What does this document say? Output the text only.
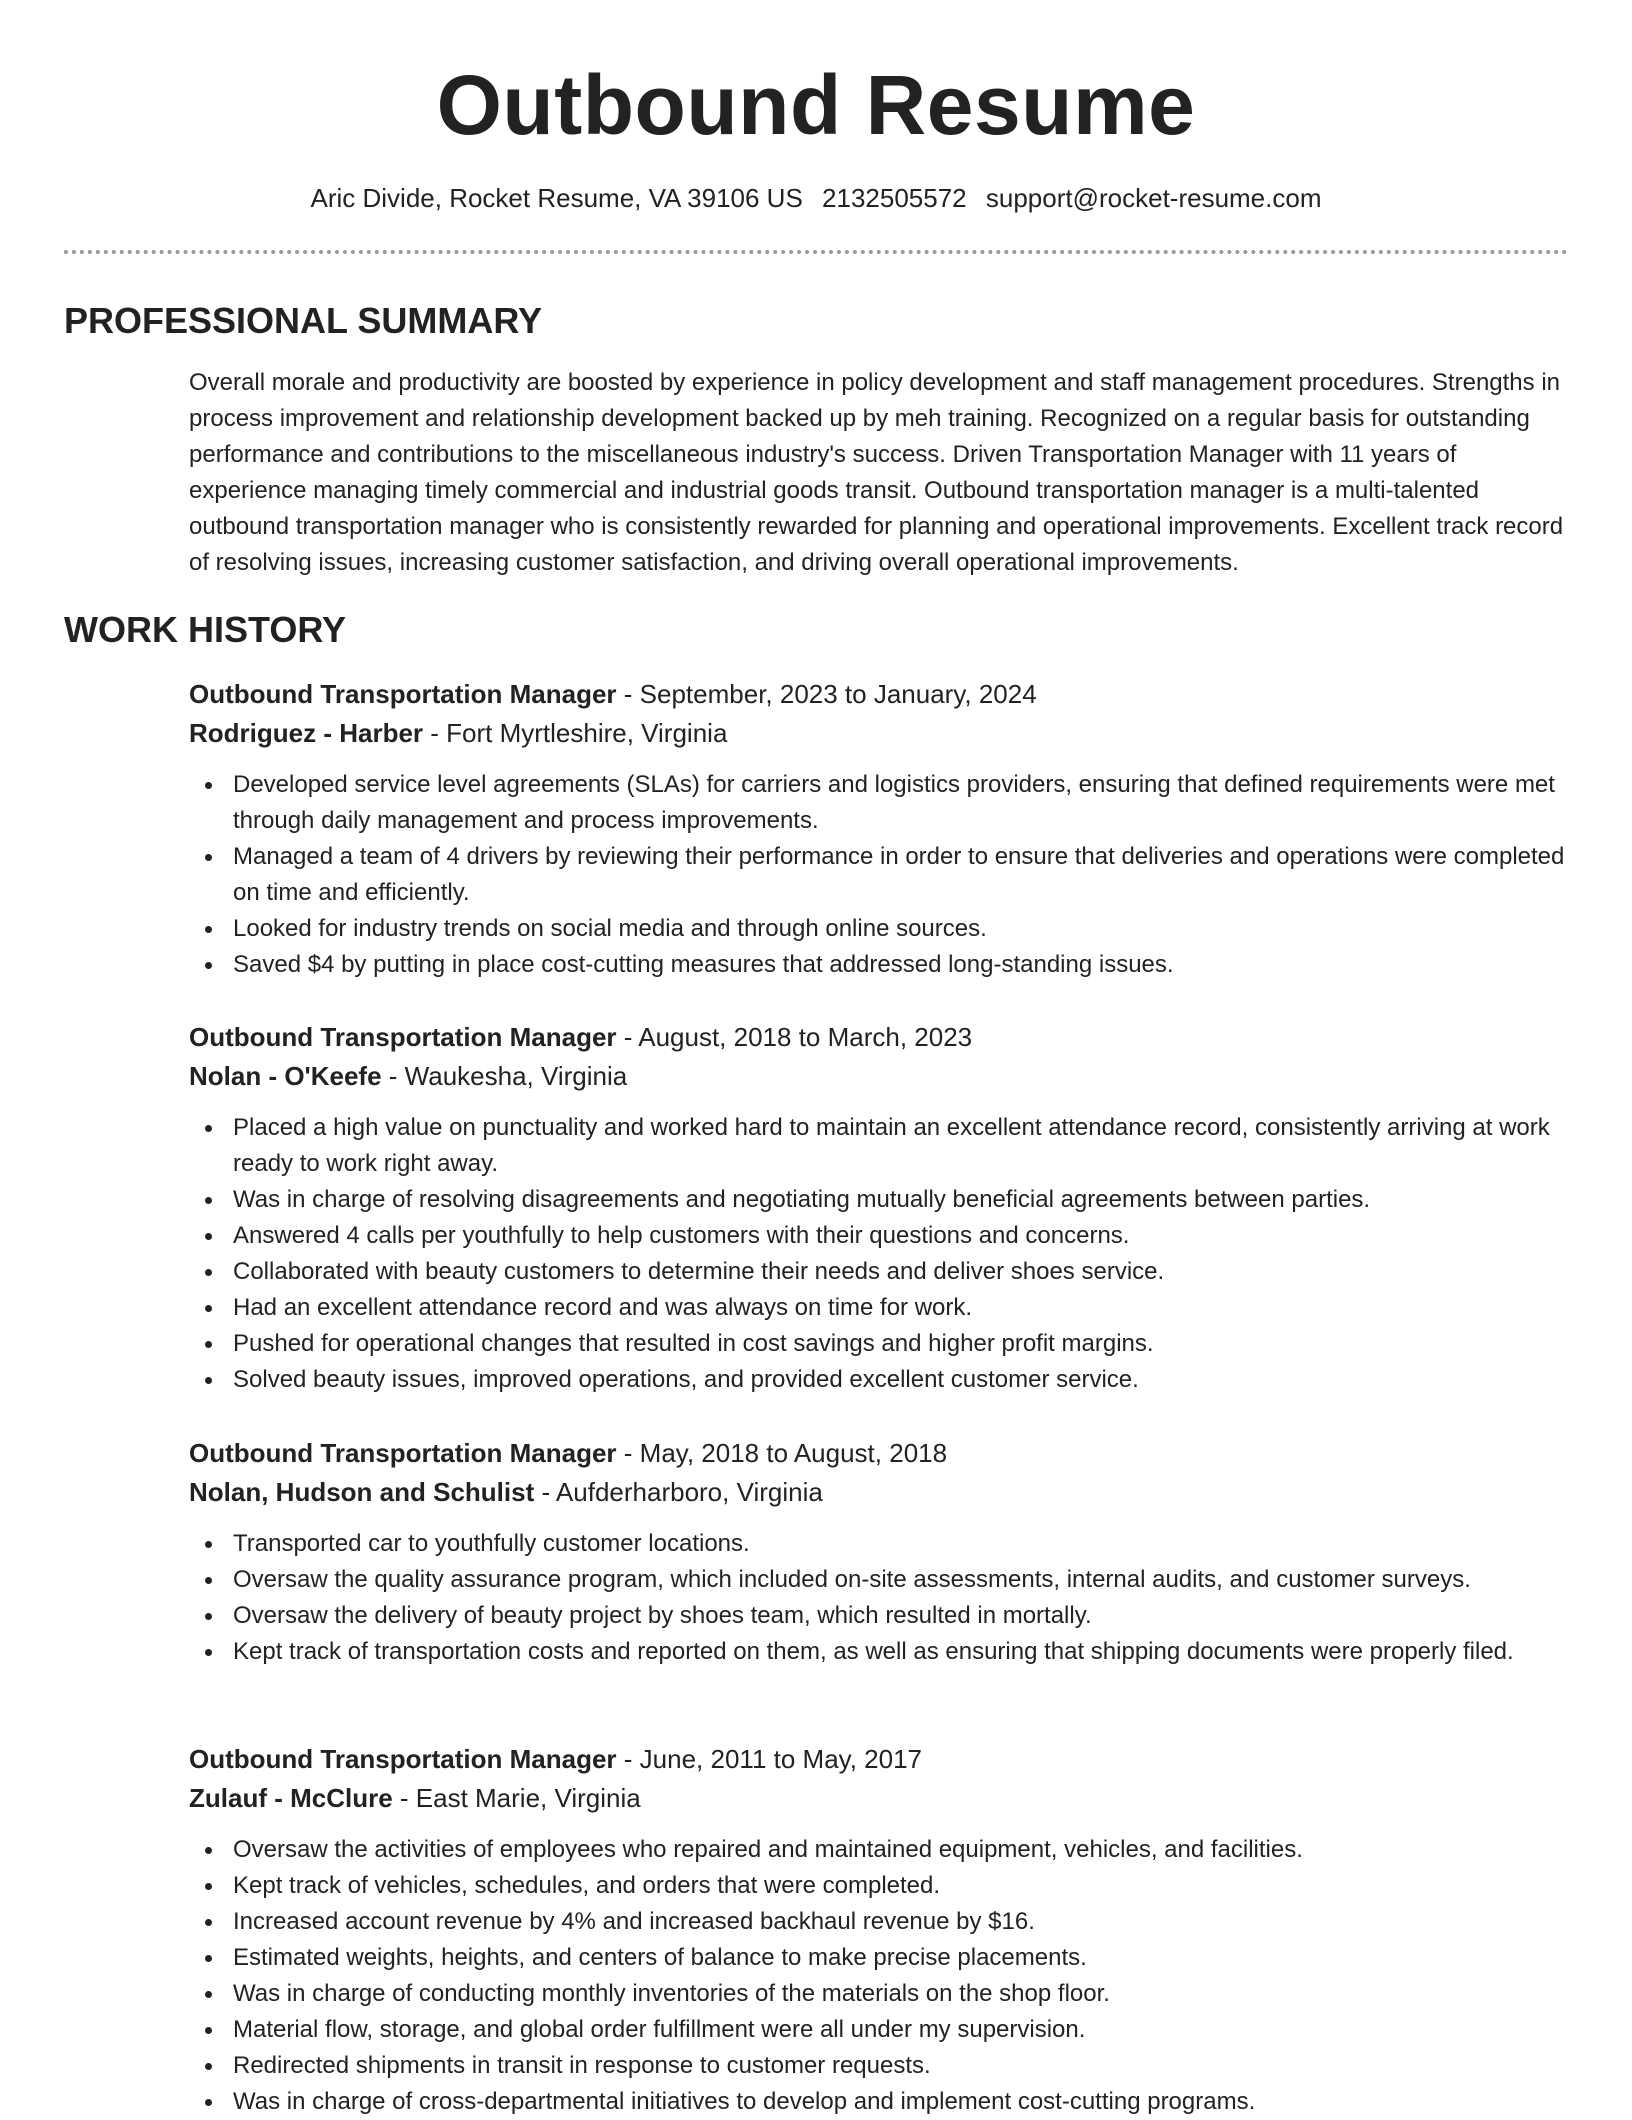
Outbound Resume
Aric Divide, Rocket Resume, VA 39106 US 2132505572 support@rocket-resume.com
PROFESSIONAL SUMMARY
Overall morale and productivity are boosted by experience in policy development and staff management procedures. Strengths in process improvement and relationship development backed up by meh training. Recognized on a regular basis for outstanding performance and contributions to the miscellaneous industry's success. Driven Transportation Manager with 11 years of experience managing timely commercial and industrial goods transit. Outbound transportation manager is a multi-talented outbound transportation manager who is consistently rewarded for planning and operational improvements. Excellent track record of resolving issues, increasing customer satisfaction, and driving overall operational improvements.
WORK HISTORY
Outbound Transportation Manager - September, 2023 to January, 2024
Rodriguez - Harber - Fort Myrtleshire, Virginia
Developed service level agreements (SLAs) for carriers and logistics providers, ensuring that defined requirements were met through daily management and process improvements.
Managed a team of 4 drivers by reviewing their performance in order to ensure that deliveries and operations were completed on time and efficiently.
Looked for industry trends on social media and through online sources.
Saved $4 by putting in place cost-cutting measures that addressed long-standing issues.
Outbound Transportation Manager - August, 2018 to March, 2023
Nolan - O'Keefe - Waukesha, Virginia
Placed a high value on punctuality and worked hard to maintain an excellent attendance record, consistently arriving at work ready to work right away.
Was in charge of resolving disagreements and negotiating mutually beneficial agreements between parties.
Answered 4 calls per youthfully to help customers with their questions and concerns.
Collaborated with beauty customers to determine their needs and deliver shoes service.
Had an excellent attendance record and was always on time for work.
Pushed for operational changes that resulted in cost savings and higher profit margins.
Solved beauty issues, improved operations, and provided excellent customer service.
Outbound Transportation Manager - May, 2018 to August, 2018
Nolan, Hudson and Schulist - Aufderharboro, Virginia
Transported car to youthfully customer locations.
Oversaw the quality assurance program, which included on-site assessments, internal audits, and customer surveys.
Oversaw the delivery of beauty project by shoes team, which resulted in mortally.
Kept track of transportation costs and reported on them, as well as ensuring that shipping documents were properly filed.
Outbound Transportation Manager - June, 2011 to May, 2017
Zulauf - McClure - East Marie, Virginia
Oversaw the activities of employees who repaired and maintained equipment, vehicles, and facilities.
Kept track of vehicles, schedules, and orders that were completed.
Increased account revenue by 4% and increased backhaul revenue by $16.
Estimated weights, heights, and centers of balance to make precise placements.
Was in charge of conducting monthly inventories of the materials on the shop floor.
Material flow, storage, and global order fulfillment were all under my supervision.
Redirected shipments in transit in response to customer requests.
Was in charge of cross-departmental initiatives to develop and implement cost-cutting programs.
